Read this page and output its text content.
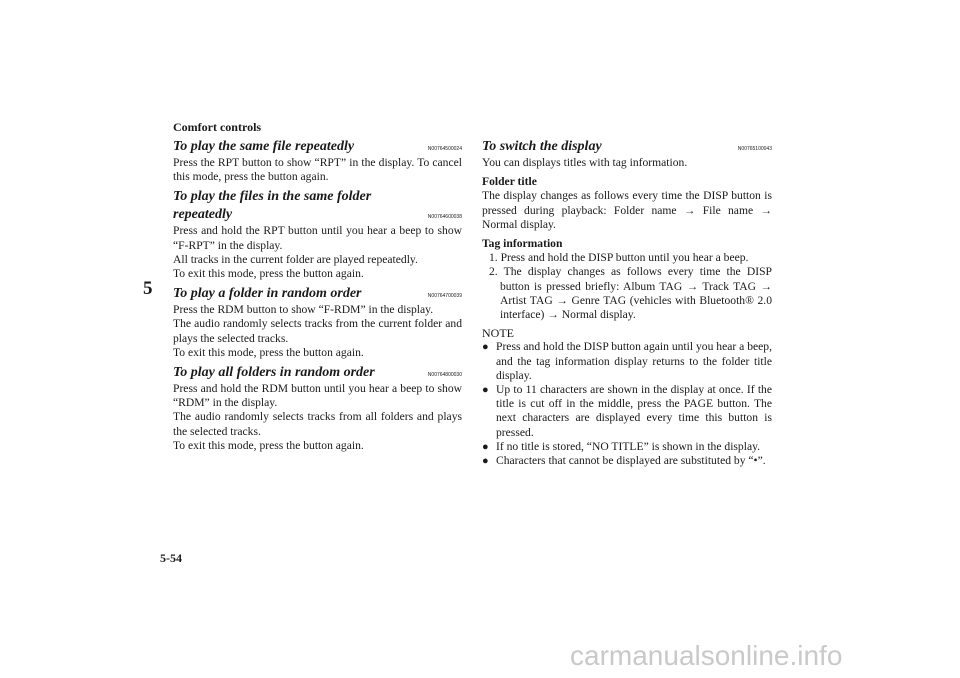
Comfort controls
5
To play the same file repeatedly	N00764500024

Press the RPT button to show “RPT” in the display. To cancel this mode, press the button again.

To play the files in the same folder repeatedly	N00764600038

Press and hold the RPT button until you hear a beep to show “F-RPT” in the display.

All tracks in the current folder are played repeatedly.

To exit this mode, press the button again.

To play a folder in random order	N00764700039

Press the RDM button to show “F-RDM” in the display.

The audio randomly selects tracks from the current folder and plays the selected tracks.

To exit this mode, press the button again.

To play all folders in random order	N00764800030

Press and hold the RDM button until you hear a beep to show “RDM” in the display.

The audio randomly selects tracks from all folders and plays the selected tracks.

To exit this mode, press the button again.

To switch the display	N00765100043

You can displays titles with tag information.

Folder title

The display changes as follows every time the DISP button is pressed during playback: Folder name → File name → Normal display.

Tag information
1. Press and hold the DISP button until you hear a beep.
2. The display changes as follows every time the DISP button is pressed briefly: Album TAG → Track TAG → Artist TAG → Genre TAG (vehicles with Bluetooth® 2.0 interface) → Normal display.
NOTE
● Press and hold the DISP button again until you hear a beep, and the tag information display returns to the folder title display.
● Up to 11 characters are shown in the display at once. If the title is cut off in the middle, press the PAGE button. The next characters are displayed every time this button is pressed.
● If no title is stored, “NO TITLE” is shown in the display.
● Characters that cannot be displayed are substituted by “•”.
5-54
carmanualsonline.info
